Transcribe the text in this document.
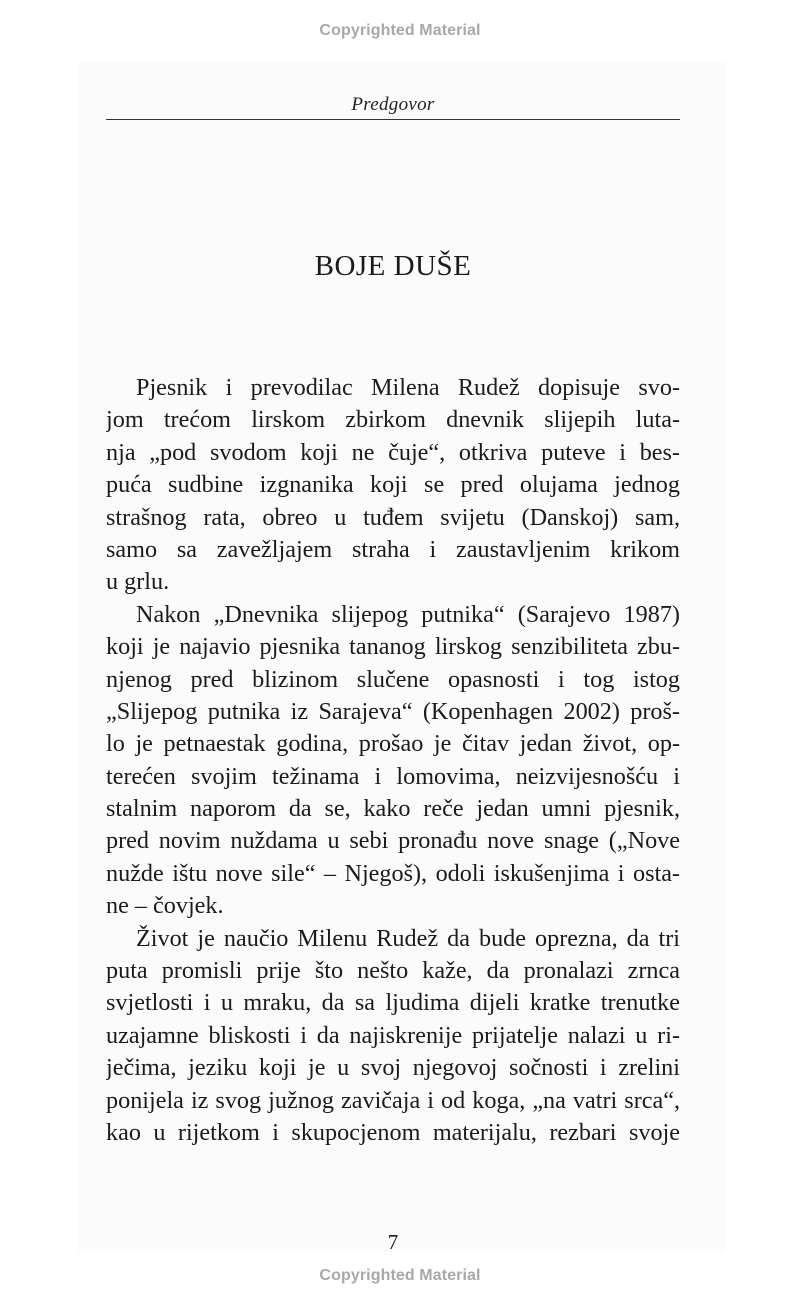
Copyrighted Material
Predgovor
BOJE DUŠE
Pjesnik i prevodilac Milena Rudež dopisuje svo-
jom trećom lirskom zbirkom dnevnik slijepih luta-
nja „pod svodom koji ne čuje“, otkriva puteve i bes-
puća sudbine izgnanika koji se pred olujama jednog
strašnog rata, obreo u tuđem svijetu (Danskoj) sam,
samo sa zavežljajem straha i zaustavljenim krikom
u grlu.
Nakon „Dnevnika slijepog putnika“ (Sarajevo 1987)
koji je najavio pjesnika tananog lirskog senzibiliteta zbu-
njenog pred blizinom slučene opasnosti i tog istog
„Slijepog putnika iz Sarajeva“ (Kopenhagen 2002) proš-
lo je petnaestak godina, prošao je čitav jedan život, op-
terećen svojim težinama i lomovima, neizvijesnošću i
stalnim naporom da se, kako reče jedan umni pjesnik,
pred novim nuždama u sebi pronađu nove snage („Nove
nužde ištu nove sile“ – Njegoš), odoli iskušenjima i osta-
ne – čovjek.
Život je naučio Milenu Rudež da bude oprezna, da tri
puta promisli prije što nešto kaže, da pronalazi zrnca
svjetlosti i u mraku, da sa ljudima dijeli kratke trenutke
uzajamne bliskosti i da najiskrenije prijatelje nalazi u ri-
ječima, jeziku koji je u svoj njegovoj sočnosti i zrelini
ponijela iz svog južnog zavičaja i od koga, „na vatri srca“,
kao u rijetkom i skupocjenom materijalu, rezbari svoje
7
Copyrighted Material
